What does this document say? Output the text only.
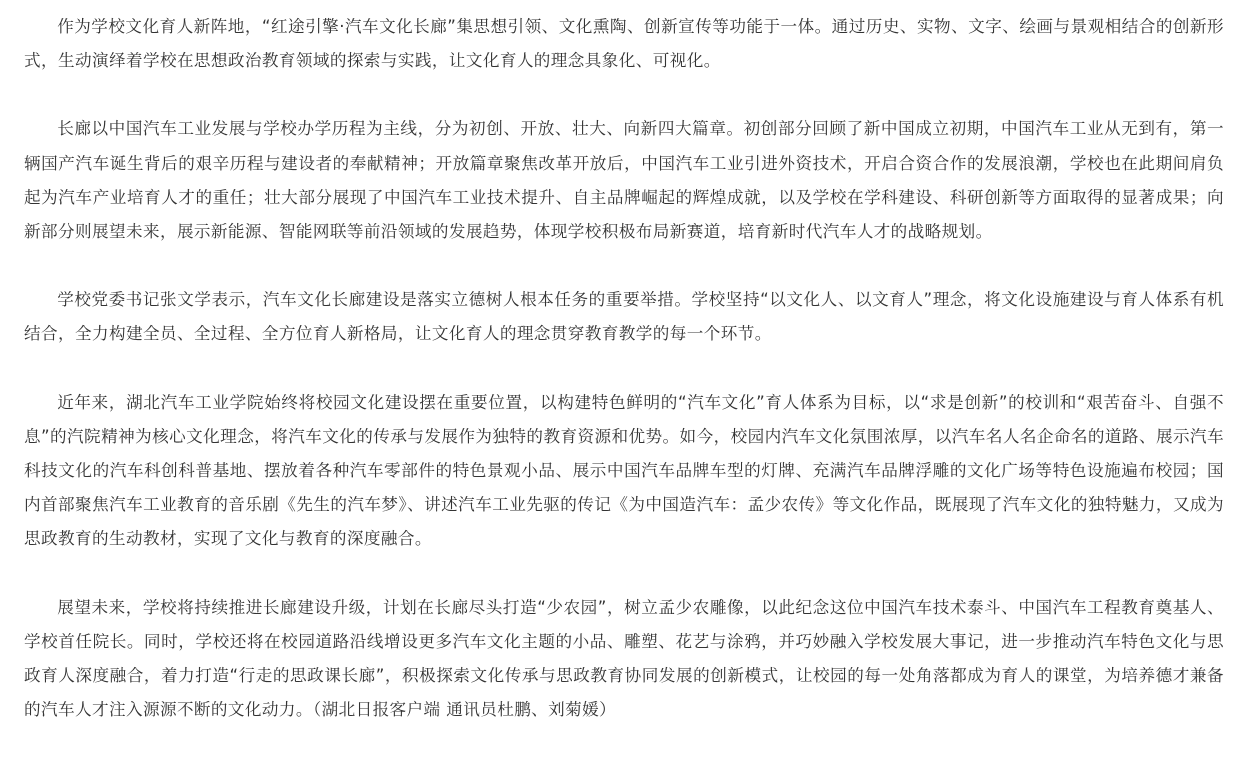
作为学校文化育人新阵地，“红途引擎·汽车文化长廊”集思想引领、文化熏陶、创新宣传等功能于一体。通过历史、实物、文字、绘画与景观相结合的创新形式，生动演绎着学校在思想政治教育领域的探索与实践，让文化育人的理念具象化、可视化。

长廊以中国汽车工业发展与学校办学历程为主线，分为初创、开放、壮大、向新四大篇章。初创部分回顾了新中国成立初期，中国汽车工业从无到有，第一辆国产汽车诞生背后的艰辛历程与建设者的奉献精神；开放篇章聚焦改革开放后，中国汽车工业引进外资技术，开启合资合作的发展浪潮，学校也在此期间肩负起为汽车产业培育人才的重任；壮大部分展现了中国汽车工业技术提升、自主品牌崛起的辉煌成就，以及学校在学科建设、科研创新等方面取得的显著成果；向新部分则展望未来，展示新能源、智能网联等前沿领域的发展趋势，体现学校积极布局新赛道，培育新时代汽车人才的战略规划。

学校党委书记张文学表示，汽车文化长廊建设是落实立德树人根本任务的重要举措。学校坚持“以文化人、以文育人”理念，将文化设施建设与育人体系有机结合，全力构建全员、全过程、全方位育人新格局，让文化育人的理念贯穿教育教学的每一个环节。

近年来，湖北汽车工业学院始终将校园文化建设摆在重要位置，以构建特色鲜明的“汽车文化”育人体系为目标，以“求是创新”的校训和“艰苦奋斗、自强不息”的汽院精神为核心文化理念，将汽车文化的传承与发展作为独特的教育资源和优势。如今，校园内汽车文化氛围浓厚，以汽车名人名企命名的道路、展示汽车科技文化的汽车科创科普基地、摆放着各种汽车零部件的特色景观小品、展示中国汽车品牌车型的灯牌、充满汽车品牌浮雕的文化广场等特色设施遍布校园；国内首部聚焦汽车工业教育的音乐剧《先生的汽车梦》、讲述汽车工业先驱的传记《为中国造汽车：孟少农传》等文化作品，既展现了汽车文化的独特魅力，又成为思政教育的生动教材，实现了文化与教育的深度融合。

展望未来，学校将持续推进长廊建设升级，计划在长廊尽头打造“少农园”，树立孟少农雕像，以此纪念这位中国汽车技术泰斗、中国汽车工程教育奠基人、学校首任院长。同时，学校还将在校园道路沿线增设更多汽车文化主题的小品、雕塑、花艺与涂鸦，并巧妙融入学校发展大事记，进一步推动汽车特色文化与思政育人深度融合，着力打造“行走的思政课长廊”，积极探索文化传承与思政教育协同发展的创新模式，让校园的每一处角落都成为育人的课堂，为培养德才兼备的汽车人才注入源源不断的文化动力。（湖北日报客户端 通讯员杜鹏、刘菊媛）
